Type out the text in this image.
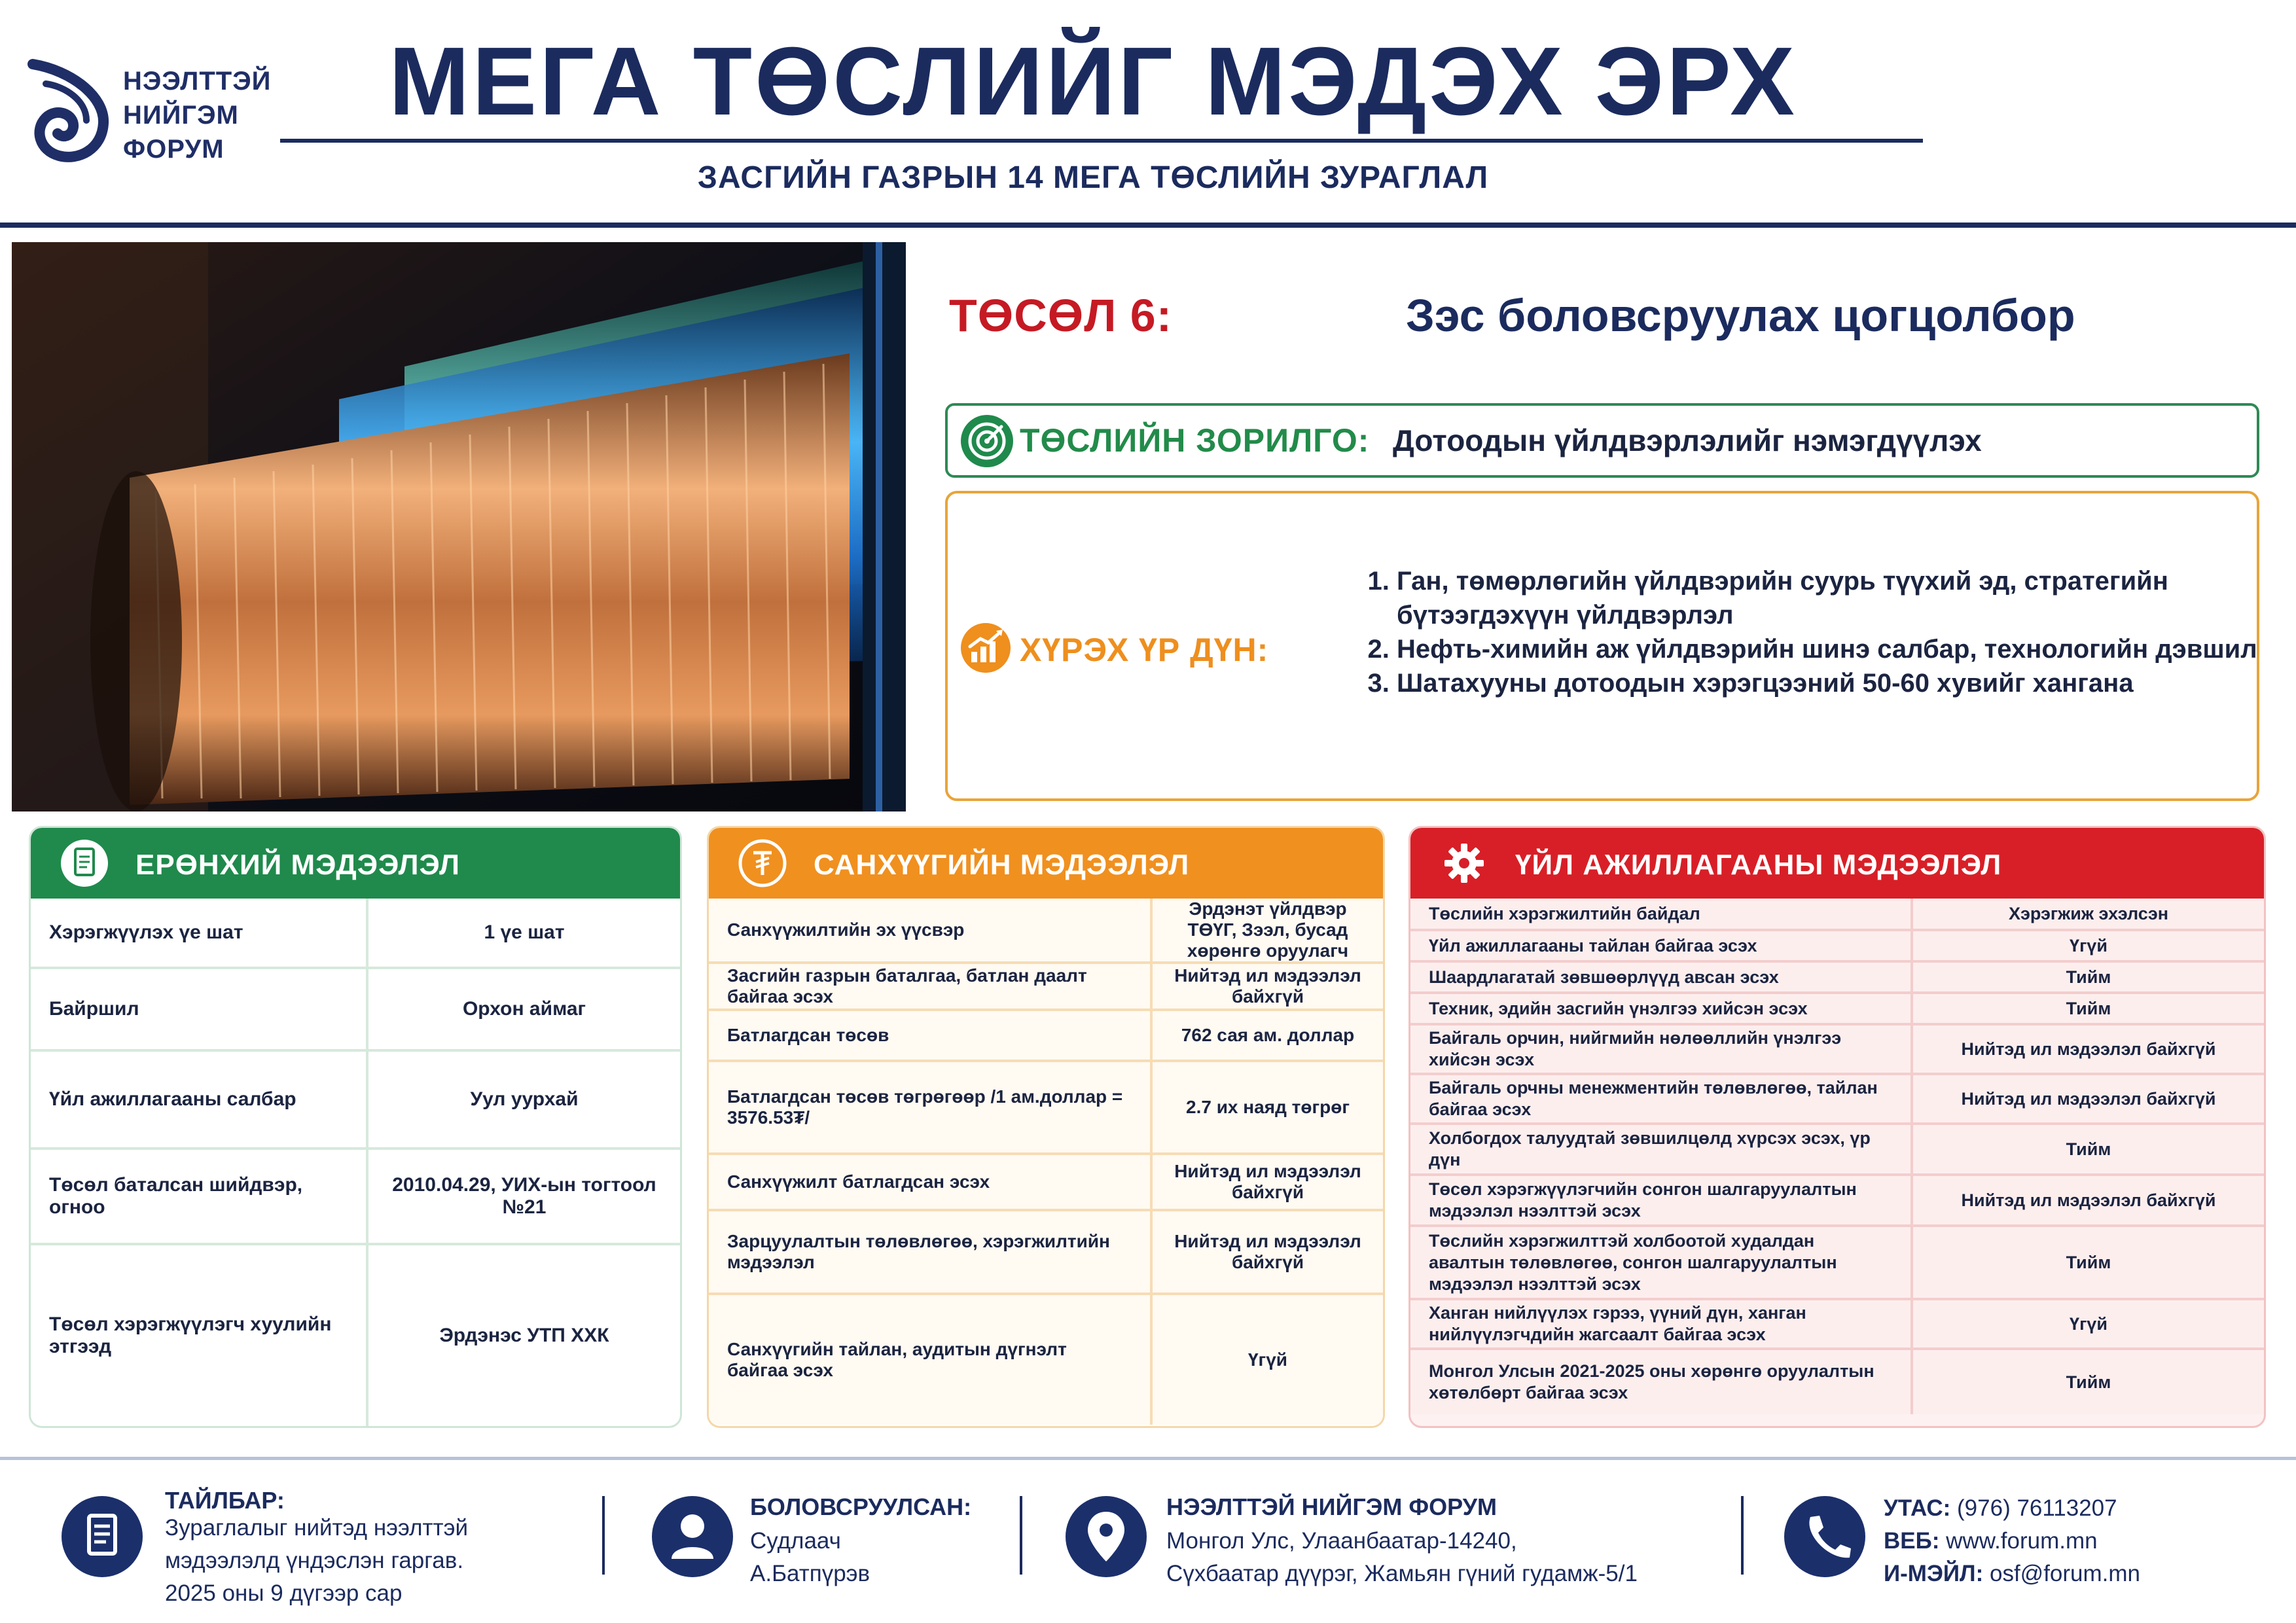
НЭЭЛТТЭЙ
НИЙГЭМ
ФОРУМ
МЕГА ТӨСЛИЙГ МЭДЭХ ЭРХ
ЗАСГИЙН ГАЗРЫН 14 МЕГА ТӨСЛИЙН ЗУРАГЛАЛ
ТӨСӨЛ 6:	Зэс боловсруулах цогцолбор
ТӨСЛИЙН ЗОРИЛГО: Дотоодын үйлдвэрлэлийг нэмэгдүүлэх
ХҮРЭХ ҮР ДҮН:
1. Ган, төмөрлөгийн үйлдвэрийн суурь түүхий эд, стратегийн бүтээгдэхүүн үйлдвэрлэл
2. Нефть-химийн аж үйлдвэрийн шинэ салбар, технологийн дэвшил
3. Шатахууны дотоодын хэрэгцээний 50-60 хувийг хангана
ЕРӨНХИЙ МЭДЭЭЛЭЛ
Хэрэгжүүлэх үе шат	1 үе шат
Байршил	Орхон аймаг
Үйл ажиллагааны салбар	Уул уурхай
Төсөл баталсан шийдвэр, огноо	2010.04.29, УИХ-ын тогтоол №21
Төсөл хэрэгжүүлэгч хуулийн этгээд	Эрдэнэс УТП ХХК
САНХҮҮГИЙН МЭДЭЭЛЭЛ
Санхүүжилтийн эх үүсвэр	Эрдэнэт үйлдвэр ТӨҮГ, Зээл, бусад хөрөнгө оруулагч
Засгийн газрын баталгаа, батлан даалт байгаа эсэх	Нийтэд ил мэдээлэл байхгүй
Батлагдсан төсөв	762 сая ам. доллар
Батлагдсан төсөв төгрөгөөр /1 ам.доллар = 3576.53₮/	2.7 их наяд төгрөг
Санхүүжилт батлагдсан эсэх	Нийтэд ил мэдээлэл байхгүй
Зарцуулалтын төлөвлөгөө, хэрэгжилтийн мэдээлэл	Нийтэд ил мэдээлэл байхгүй
Санхүүгийн тайлан, аудитын дүгнэлт байгаа эсэх	Үгүй
ҮЙЛ АЖИЛЛАГААНЫ МЭДЭЭЛЭЛ
Төслийн хэрэгжилтийн байдал	Хэрэгжиж эхэлсэн
Үйл ажиллагааны тайлан байгаа эсэх	Үгүй
Шаардлагатай зөвшөөрлүүд авсан эсэх	Тийм
Техник, эдийн засгийн үнэлгээ хийсэн эсэх	Тийм
Байгаль орчин, нийгмийн нөлөөллийн үнэлгээ хийсэн эсэх	Нийтэд ил мэдээлэл байхгүй
Байгаль орчны менежментийн төлөвлөгөө, тайлан байгаа эсэх	Нийтэд ил мэдээлэл байхгүй
Холбогдох талуудтай зөвшилцөлд хүрсэх эсэх, үр дүн	Тийм
Төсөл хэрэгжүүлэгчийн сонгон шалгаруулалтын мэдээлэл нээлттэй эсэх	Нийтэд ил мэдээлэл байхгүй
Төслийн хэрэгжилттэй холбоотой худалдан авалтын төлөвлөгөө, сонгон шалгаруулалтын мэдээлэл нээлттэй эсэх	Тийм
Ханган нийлүүлэх гэрээ, үүний дүн, ханган нийлүүлэгчдийн жагсаалт байгаа эсэх	Үгүй
Монгол Улсын 2021-2025 оны хөрөнгө оруулалтын хөтөлбөрт байгаа эсэх	Тийм
ТАЙЛБАР:
Зураглалыг нийтэд нээлттэй
мэдээлэлд үндэслэн гаргав.
2025 оны 9 дүгээр сар
БОЛОВСРУУЛСАН:
Судлаач
А.Батпүрэв
НЭЭЛТТЭЙ НИЙГЭМ ФОРУМ
Монгол Улс, Улаанбаатар-14240,
Сүхбаатар дүүрэг, Жамьян гүний гудамж-5/1
УТАС: (976) 76113207
ВЕБ: www.forum.mn
И-МЭЙЛ: osf@forum.mn
